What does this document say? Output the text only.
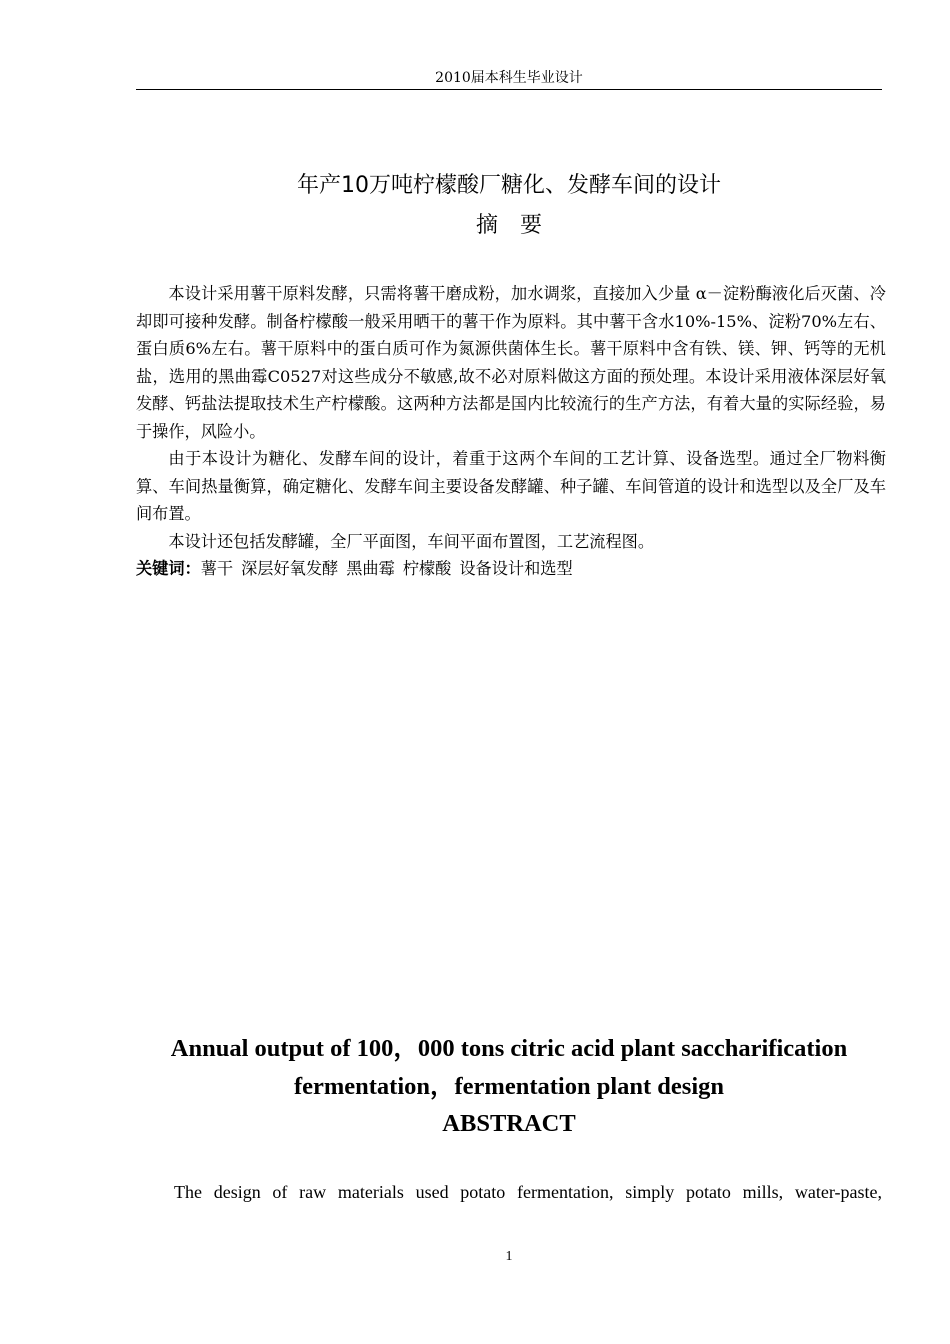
2010届本科生毕业设计
年产10万吨柠檬酸厂糖化、发酵车间的设计
摘要

本设计采用薯干原料发酵，只需将薯干磨成粉，加水调浆，直接加入少量 α－淀粉酶液化后灭菌、冷却即可接种发酵。制备柠檬酸一般采用晒干的薯干作为原料。其中薯干含水10%-15%、淀粉70%左右、蛋白质6%左右。薯干原料中的蛋白质可作为氮源供菌体生长。薯干原料中含有铁、镁、钾、钙等的无机盐，选用的黑曲霉C0527对这些成分不敏感,故不必对原料做这方面的预处理。本设计采用液体深层好氧发酵、钙盐法提取技术生产柠檬酸。这两种方法都是国内比较流行的生产方法，有着大量的实际经验，易于操作，风险小。

由于本设计为糖化、发酵车间的设计，着重于这两个车间的工艺计算、设备选型。通过全厂物料衡算、车间热量衡算，确定糖化、发酵车间主要设备发酵罐、种子罐、车间管道的设计和选型以及全厂及车间布置。

本设计还包括发酵罐，全厂平面图，车间平面布置图，工艺流程图。

关键词：薯干 深层好氧发酵 黑曲霉 柠檬酸 设备设计和选型
Annual output of 100，000 tons citric acid plant saccharification
fermentation，fermentation plant design
ABSTRACT

The design of raw materials used potato fermentation, simply potato mills, water-paste,

1
